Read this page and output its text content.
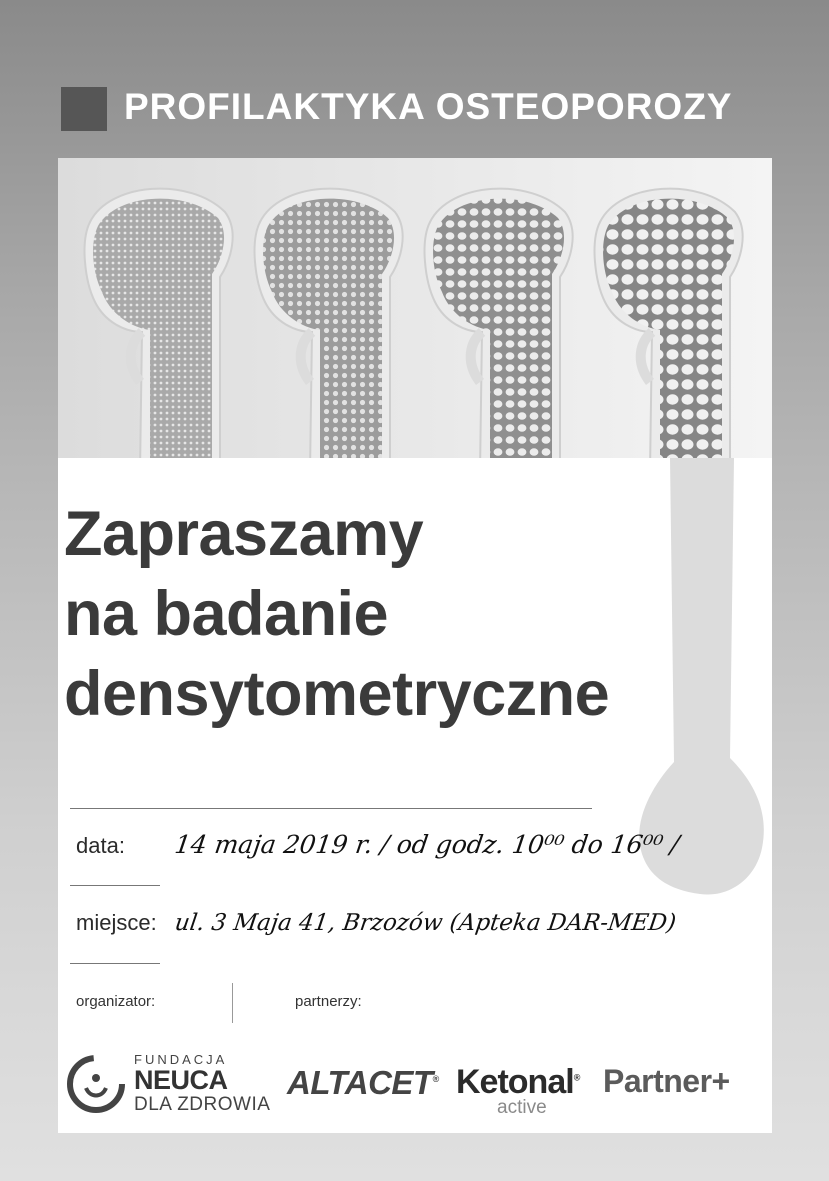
PROFILAKTYKA OSTEOPOROZY
Zapraszamy
na badanie
densytometryczne
data: 14 maja 2019 r. / od godz. 10⁰⁰ do 16⁰⁰ /
miejsce: ul. 3 Maja 41, Brzozów (Apteka DAR-MED)
organizator:	partnerzy:
FUNDACJA
NEUCA
DLA ZDROWIA
ALTACET® Ketonal®
active
Partner+
